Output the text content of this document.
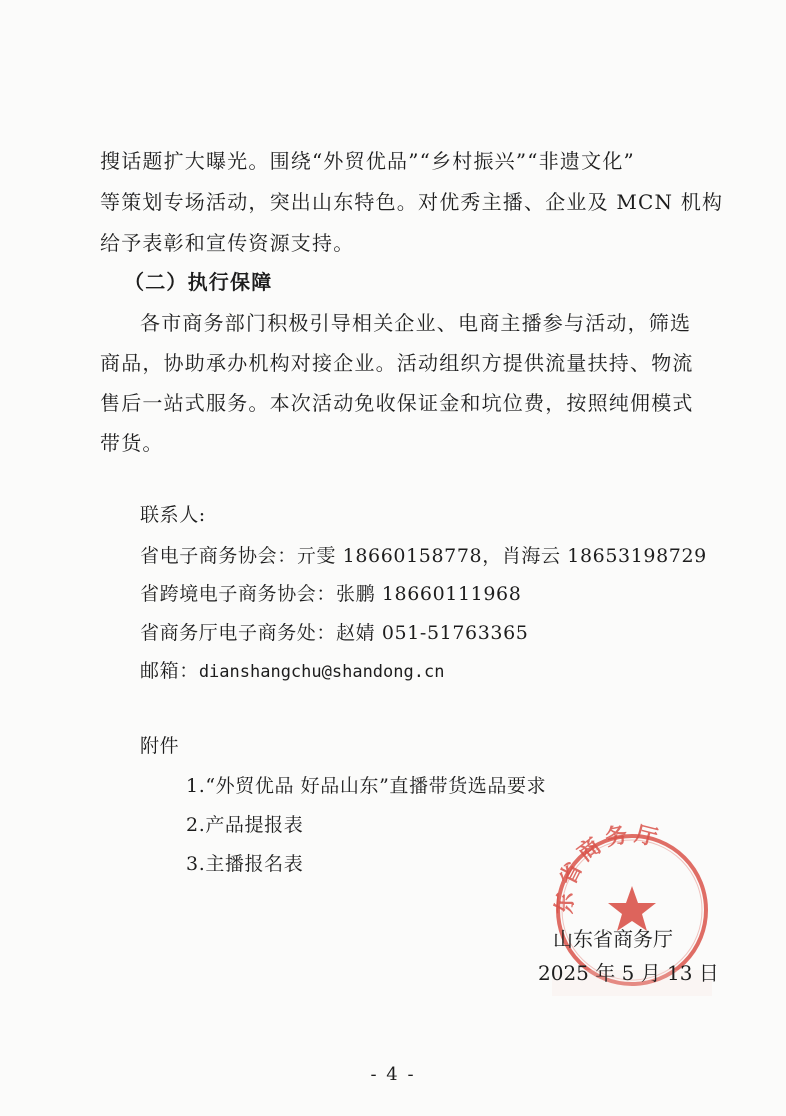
搜话题扩大曝光。围绕“外贸优品”“乡村振兴”“非遗文化”
等策划专场活动，突出山东特色。对优秀主播、企业及 MCN 机构
给予表彰和宣传资源支持。
（二）执行保障
各市商务部门积极引导相关企业、电商主播参与活动，筛选
商品，协助承办机构对接企业。活动组织方提供流量扶持、物流
售后一站式服务。本次活动免收保证金和坑位费，按照纯佣模式
带货。
联系人:
省电子商务协会：亓雯 18660158778，肖海云 18653198729
省跨境电子商务协会：张鹏 18660111968
省商务厅电子商务处：赵婧 051-51763365
邮箱：dianshangchu@shandong.cn
附件
1.“外贸优品 好品山东”直播带货选品要求
2.产品提报表
3.主播报名表
东省商务厅
山东省商务厅
2025 年 5 月 13 日
- 4 -
